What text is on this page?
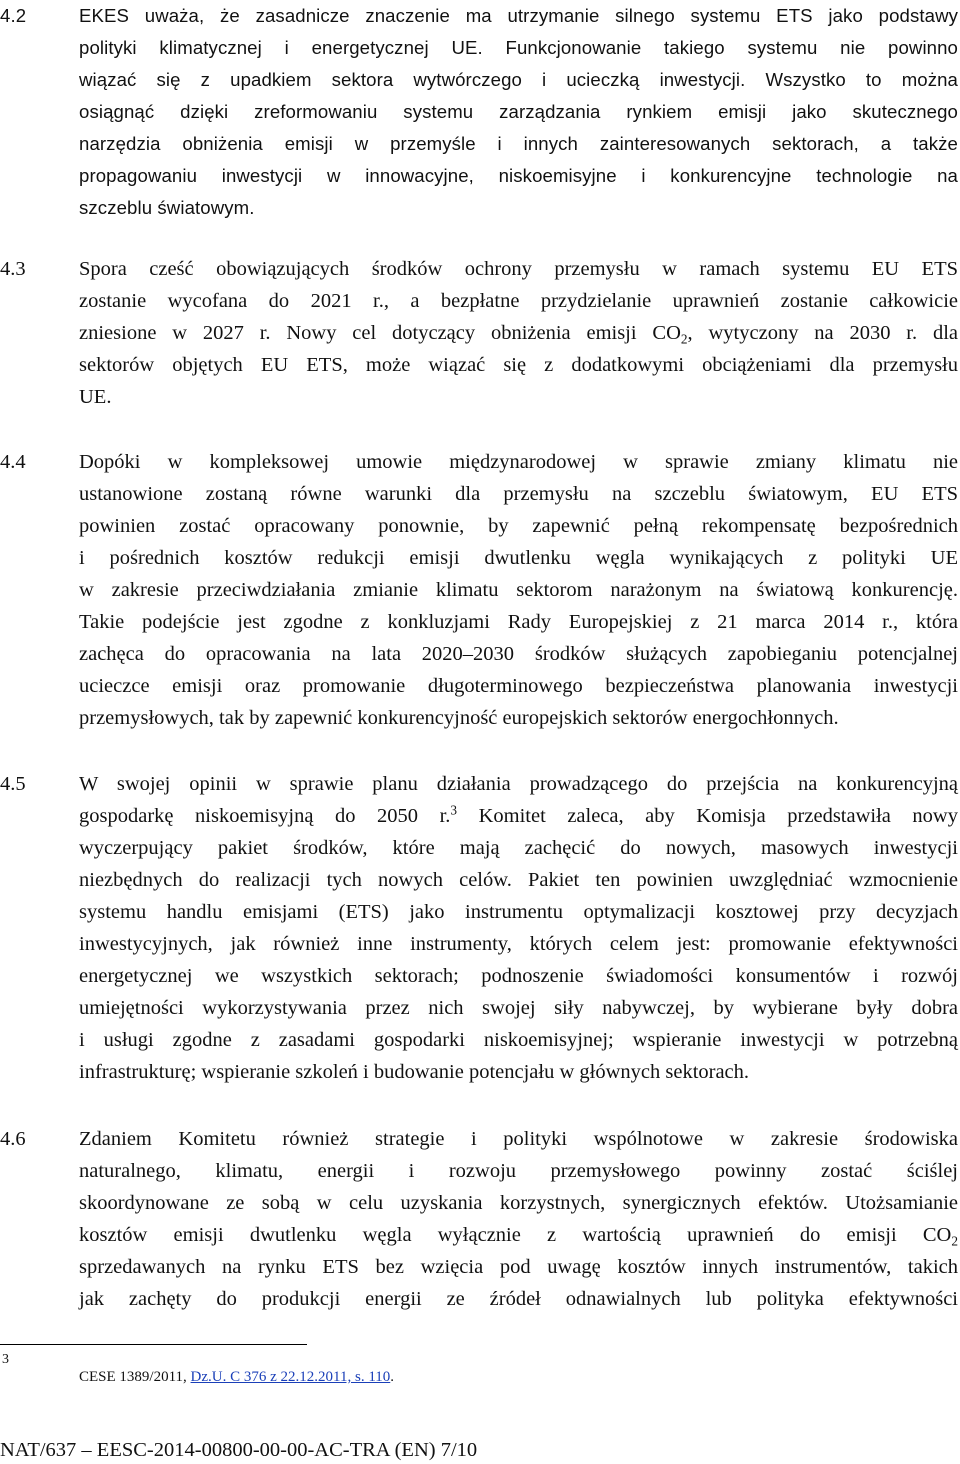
4.2	EKES uważa, że zasadnicze znaczenie ma utrzymanie silnego systemu ETS jako podstawy
polityki klimatycznej i energetycznej UE. Funkcjonowanie takiego systemu nie powinno
wiązać się z upadkiem sektora wytwórczego i ucieczką inwestycji. Wszystko to można
osiągnąć dzięki zreformowaniu systemu zarządzania rynkiem emisji jako skutecznego
narzędzia obniżenia emisji w przemyśle i innych zainteresowanych sektorach, a także
propagowaniu inwestycji w innowacyjne, niskoemisyjne i konkurencyjne technologie na
szczeblu światowym.
4.3	Spora cześć obowiązujących środków ochrony przemysłu w ramach systemu EU ETS
zostanie wycofana do 2021 r., a bezpłatne przydzielanie uprawnień zostanie całkowicie
zniesione w 2027 r. Nowy cel dotyczący obniżenia emisji $CO_2$, wytyczony na 2030 r. dla
sektorów objętych EU ETS, może wiązać się z dodatkowymi obciążeniami dla przemysłu
UE.
4.4	Dopóki w kompleksowej umowie międzynarodowej w sprawie zmiany klimatu nie
ustanowione zostaną równe warunki dla przemysłu na szczeblu światowym, EU ETS
powinien zostać opracowany ponownie, by zapewnić pełną rekompensatę bezpośrednich
i pośrednich kosztów redukcji emisji dwutlenku węgla wynikających z polityki UE
w zakresie przeciwdziałania zmianie klimatu sektorom narażonym na światową konkurencję.
Takie podejście jest zgodne z konkluzjami Rady Europejskiej z 21 marca 2014 r., która
zachęca do opracowania na lata 2020–2030 środków służących zapobieganiu potencjalnej
ucieczce emisji oraz promowanie długoterminowego bezpieczeństwa planowania inwestycji
przemysłowych, tak by zapewnić konkurencyjność europejskich sektorów energochłonnych.
4.5	W swojej opinii w sprawie planu działania prowadzącego do przejścia na konkurencyjną
gospodarkę niskoemisyjną do 2050 r.$^3$ Komitet zaleca, aby Komisja przedstawiła nowy
wyczerpujący pakiet środków, które mają zachęcić do nowych, masowych inwestycji
niezbędnych do realizacji tych nowych celów. Pakiet ten powinien uwzględniać wzmocnienie
systemu handlu emisjami (ETS) jako instrumentu optymalizacji kosztowej przy decyzjach
inwestycyjnych, jak również inne instrumenty, których celem jest: promowanie efektywności
energetycznej we wszystkich sektorach; podnoszenie świadomości konsumentów i rozwój
umiejętności wykorzystywania przez nich swojej siły nabywczej, by wybierane były dobra
i usługi zgodne z zasadami gospodarki niskoemisyjnej; wspieranie inwestycji w potrzebną
infrastrukturę; wspieranie szkoleń i budowanie potencjału w głównych sektorach.
4.6	Zdaniem Komitetu również strategie i polityki wspólnotowe w zakresie środowiska
naturalnego, klimatu, energii i rozwoju przemysłowego powinny zostać ściślej
skoordynowane ze sobą w celu uzyskania korzystnych, synergicznych efektów. Utożsamianie
kosztów emisji dwutlenku węgla wyłącznie z wartością uprawnień do emisji $CO_2$
sprzedawanych na rynku ETS bez wzięcia pod uwagę kosztów innych instrumentów, takich
jak zachęty do produkcji energii ze źródeł odnawialnych lub polityka efektywności
3
CESE 1389/2011, Dz.U. C 376 z 22.12.2011, s. 110.
NAT/637 – EESC-2014-00800-00-00-AC-TRA (EN) 7/10
